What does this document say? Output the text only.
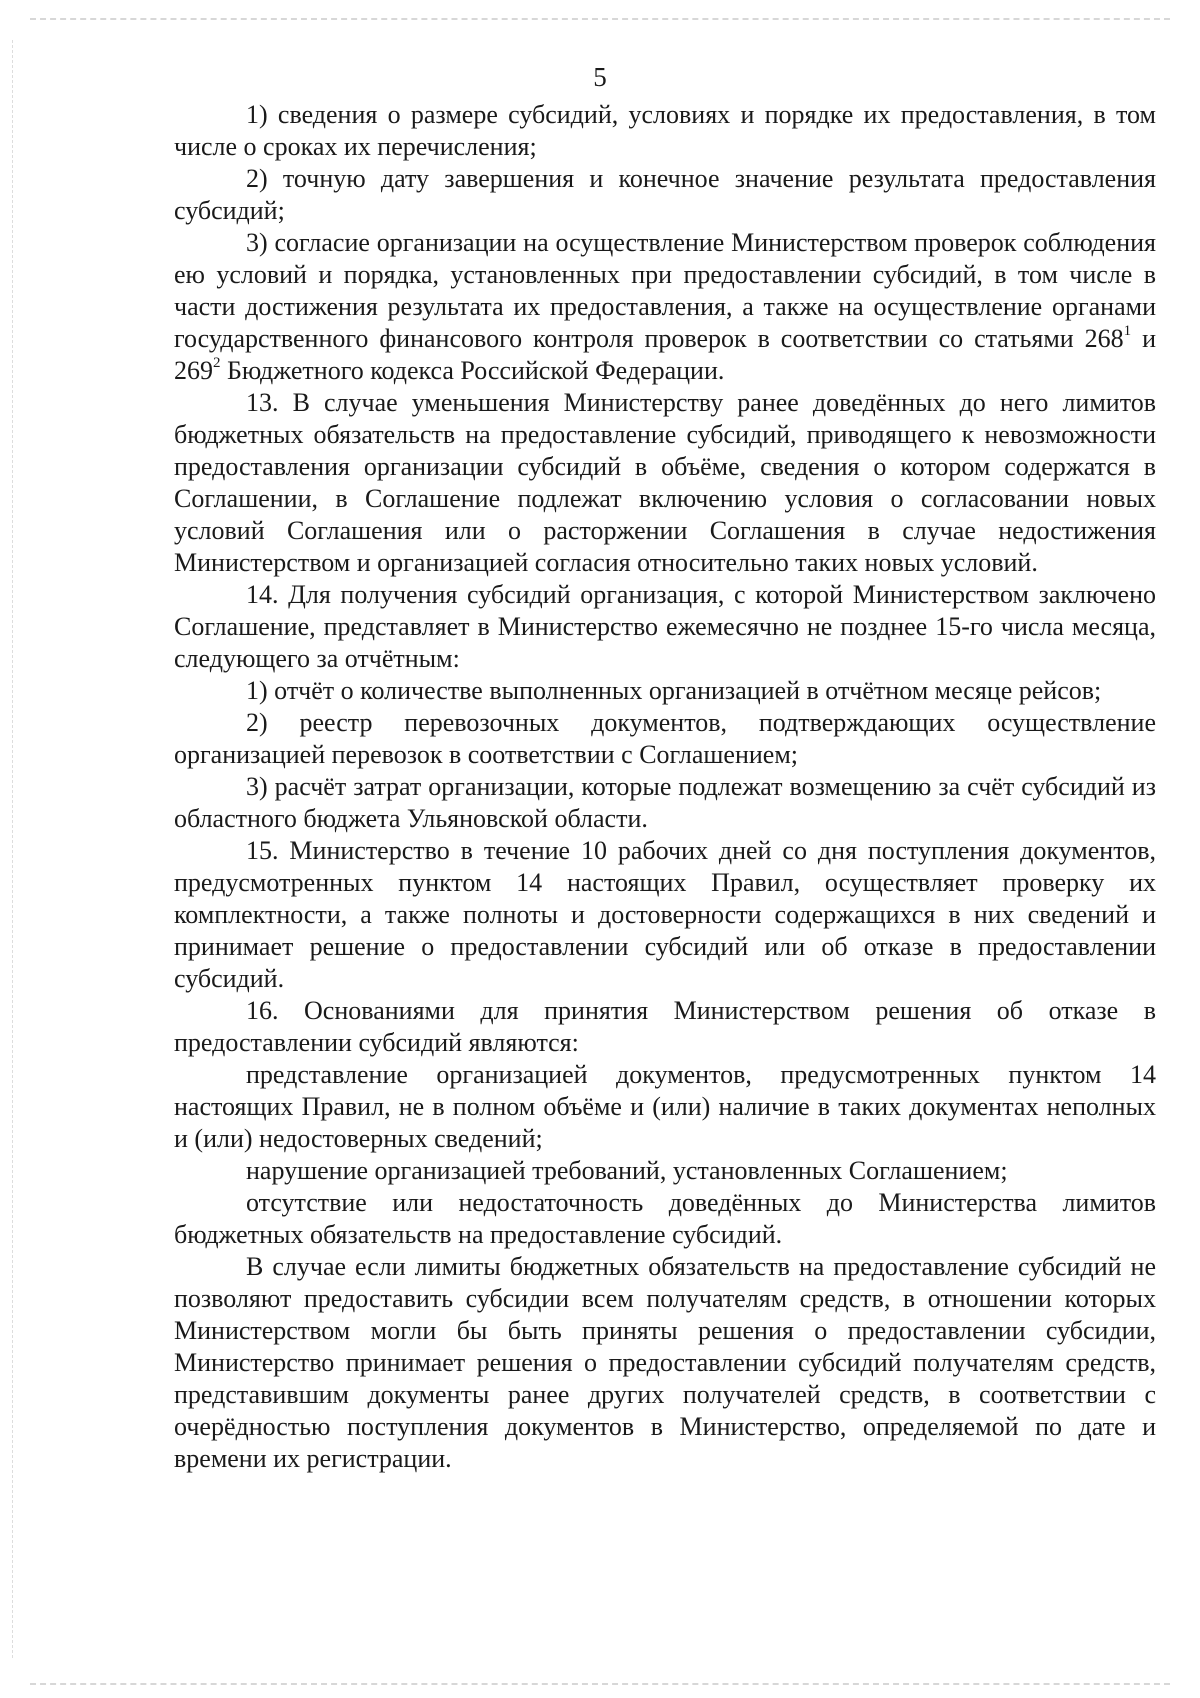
5

1) сведения о размере субсидий, условиях и порядке их предоставления, в том числе о сроках их перечисления;

2) точную дату завершения и конечное значение результата предоставления субсидий;

3) согласие организации на осуществление Министерством проверок соблюдения ею условий и порядка, установленных при предоставлении субсидий, в том числе в части достижения результата их предоставления, а также на осуществление органами государственного финансового контроля проверок в соответствии со статьями $268^1$ и $269^2$ Бюджетного кодекса Российской Федерации.

13. В случае уменьшения Министерству ранее доведённых до него лимитов бюджетных обязательств на предоставление субсидий, приводящего к невозможности предоставления организации субсидий в объёме, сведения о котором содержатся в Соглашении, в Соглашение подлежат включению условия о согласовании новых условий Соглашения или о расторжении Соглашения в случае недостижения Министерством и организацией согласия относительно таких новых условий.

14. Для получения субсидий организация, с которой Министерством заключено Соглашение, представляет в Министерство ежемесячно не позднее 15-го числа месяца, следующего за отчётным:

1) отчёт о количестве выполненных организацией в отчётном месяце рейсов;

2) реестр перевозочных документов, подтверждающих осуществление организацией перевозок в соответствии с Соглашением;

3) расчёт затрат организации, которые подлежат возмещению за счёт субсидий из областного бюджета Ульяновской области.

15. Министерство в течение 10 рабочих дней со дня поступления документов, предусмотренных пунктом 14 настоящих Правил, осуществляет проверку их комплектности, а также полноты и достоверности содержащихся в них сведений и принимает решение о предоставлении субсидий или об отказе в предоставлении субсидий.

16. Основаниями для принятия Министерством решения об отказе в предоставлении субсидий являются:

представление организацией документов, предусмотренных пунктом 14 настоящих Правил, не в полном объёме и (или) наличие в таких документах неполных и (или) недостоверных сведений;

нарушение организацией требований, установленных Соглашением;

отсутствие или недостаточность доведённых до Министерства лимитов бюджетных обязательств на предоставление субсидий.

В случае если лимиты бюджетных обязательств на предоставление субсидий не позволяют предоставить субсидии всем получателям средств, в отношении которых Министерством могли бы быть приняты решения о предоставлении субсидии, Министерство принимает решения о предоставлении субсидий получателям средств, представившим документы ранее других получателей средств, в соответствии с очерёдностью поступления документов в Министерство, определяемой по дате и времени их регистрации.
